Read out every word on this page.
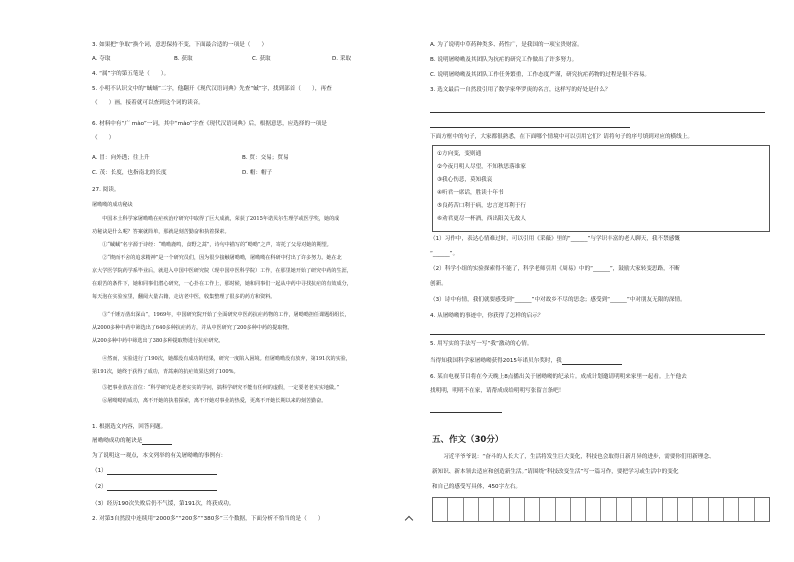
3. 如果把“争取”换个词，意思保持不变，下面最合适的一项是（　　）
A. 夺取	B. 获取	C. 获取	D. 采取
4. “属”字的第五笔是（　　）。
5. 小明不认识文中的“蜮蛹”二字，他翻开《现代汉语词典》先查“蜮”字，找到部首（　　），再查
（　　）画，接着就可以查到这个词的读音。
6. 材料中有“广 mào”一词，其中“mào”字查《现代汉语词典》后，根据意思，应选择的一项是
（　　）
A. 冒：向外透；往上升	B. 贸：交易；贸易
C. 茂：长度，也指南北的长度	D. 帽：帽子
27. 阅读。
屠呦呦的成功秘诀
　　中国本土科学家屠呦呦在疟疾治疗研究中取得了巨大成就，荣获了2015年诺贝尔生理学或医学奖，她的成
功秘诀是什么呢？答案就简单，那就是刻苦勤奋和执着探索。
　　①“蜮蜮”名字源于诗经：“呦呦鹿鸣，食野之蒿”，诗句中描写的“呦呦”之声，寄托了父母对她的期望。
　　②“锲而不舍的追求精神”是一个研究员们，因为很少接触屠呦呦，屠呦呦在科研中付出了许多努力。她在北
京大学医学院药学系毕业后，就进入中国中医研究院（现中国中医科学院）工作，在那里她开始了研究中药的生涯，
在艰苦的条件下，她和同事们潜心研究，一心扑在工作上，那时候，她和同事们一起从中药中寻找抗疟的有效成分，
每天泡在实验室里，翻阅大量古籍，走访老中医，收集整理了很多的药方和资料。
　　③“千锤万凿出深山”，1969年，中国研究院开始了全面研究中医药抗疟药物的工作，屠呦呦担任课题组组长，
从2000多种中药中筛选出了640多种抗疟药方，并从中医研究了200多种中药的提取物。
从200多种中药中筛选出了380多种提取物进行抗疟研究。
　　④然而，实验进行了190次，她都没有成功的结果，研究一度陷入困境。但屠呦呦没有放弃，第191次的实验，
第191次，她终于获得了成功，青蒿素的抗疟效果达到了100%。
　　⑤把事业放在首位：“科学研究是老老实实的学问，搞科学研究不能有任何的虚假，一定要老老实实地做。”
　　⑥屠呦呦的成功，离不开她的执着探索，离不开她对事业的热爱，更离不开她长期以来的刻苦勤奋。
1. 根据选文内容，回答问题。
屠呦呦成功的秘诀是
为了说明这一观点，本文列举的有关屠呦呦的事例有：
（1）
（2）
（3）经历190次失败后仍不气馁，第191次，终获成功。
2. 对第3自然段中连续用“2000多”“200多”“380多”三个数据，下面分析不恰当的是（　　）
A. 为了说明中草药种类多、药性广，是我国的一项宝贵财富。
B. 说明屠呦呦及其团队为抗疟的研究工作做出了许多努力。
C. 说明屠呦呦及其团队工作任务繁重，工作态度严谨，研究抗疟药物的过程是很不容易。
3. 选文最后一自然段引用了数学家华罗庚的名言，这样写的好处是什么？
下面方框中的句子，大家都很熟悉，在下面哪个情境中可以引用它们？请将句子的序号填到对应的横线上。
①方向变，变则通
②今夜月明人尽望，不知秋思落谁家
③我心伤悲，莫知我哀
④听君一席话，胜读十年书
⑤良药苦口利于病，忠言逆耳利于行
⑥劝君更尽一杯酒，西出阳关无故人
（1）习作中，表达心情难过时，可以引用《采薇》里的“______”与学识丰富的老人聊天，我不禁感慨
“______”。
（2）科学小组的实验探索得不能了，科学老师引用《周易》中的“______”，鼓励大家转变思路，不断
创新。
（3）诗中有情，我们就要感受到“______”中对故乡不尽的思念；感受到“______”中对朋友无限的深情。
4. 从屠呦呦的事迹中，你获得了怎样的启示？
5. 用写实的手法写一写“我”激动的心情。
当得知我国科学家屠呦呦获得2015年诺贝尔奖时，我
6. 某自电视节目将在今天晚上8点播出关于屠呦呦的纪录片。成成计划邀请明明来家里一起看。上午他去
找明明，明明不在家，请帮成成给明明写张留言条吧！
五、作文（30分）
　　习近平爷爷说：“奋斗的人长大了，生活将发生巨大变化，科技也会取得日新月异的进步，需要你们用新理念、
新知识、新本领去适应和创造新生活。”请围绕“科技改变生活”写一篇习作，要把学习或生活中的变化
和自己的感受写具体，450字左右。
